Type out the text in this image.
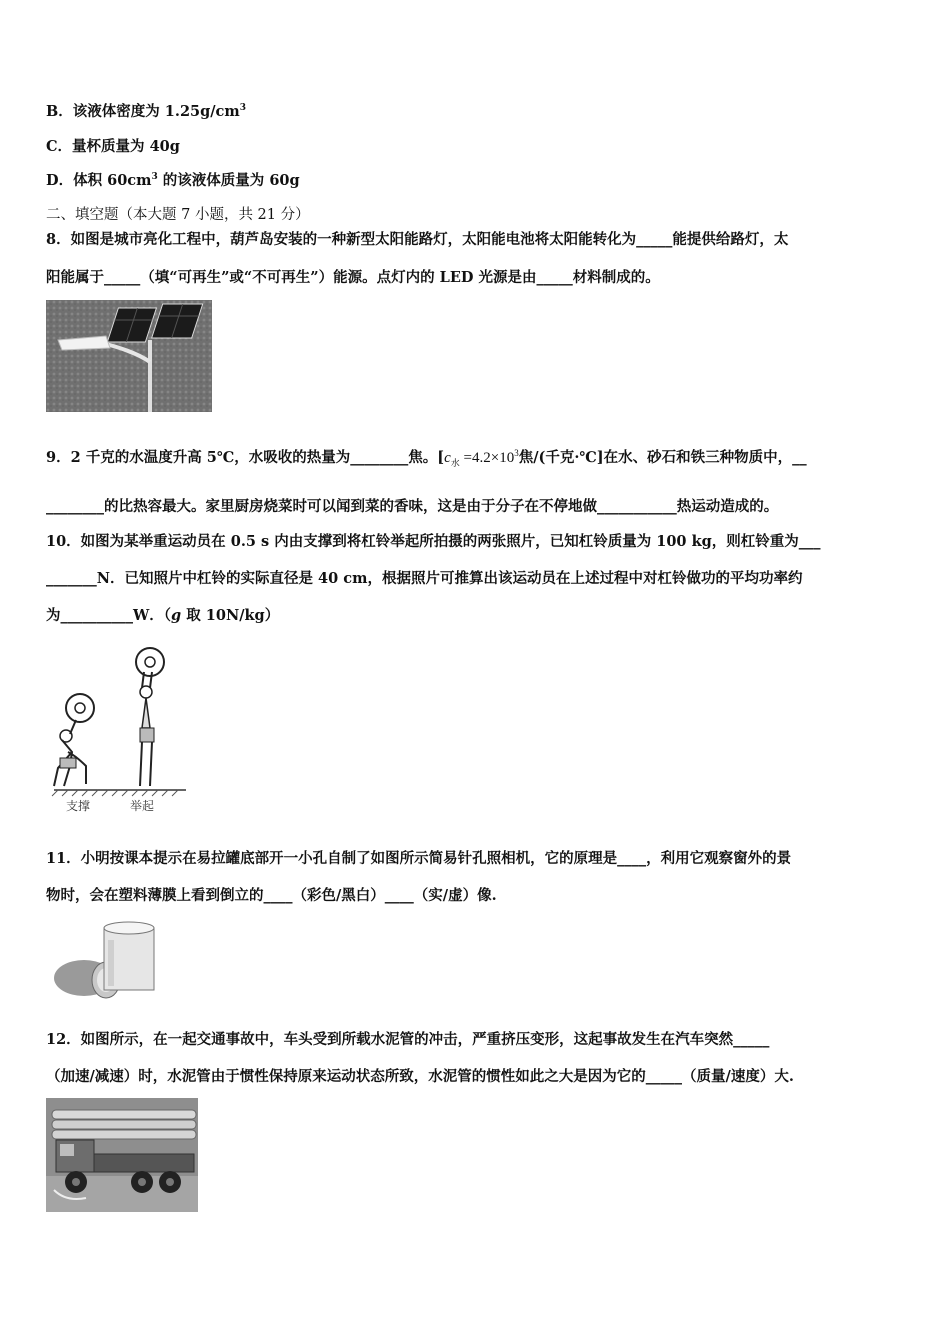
B．该液体密度为 $1.25g/cm^3$
C．量杯质量为 40g
D．体积 $60cm^3$ 的该液体质量为 60g
二、填空题（本大题 7 小题，共 21 分）
8．如图是城市亮化工程中，葫芦岛安装的一种新型太阳能路灯，太阳能电池将太阳能转化为_____能提供给路灯，太
阳能属于_____（填“可再生”或“不可再生”）能源。点灯内的 LED 光源是由_____材料制成的。
9．2 千克的水温度升高 5℃，水吸收的热量为________焦。[$c_水 =4.2\times 10^3$焦/(千克·℃]在水、砂石和铁三种物质中，__
________的比热容最大。家里厨房烧菜时可以闻到菜的香味，这是由于分子在不停地做___________热运动造成的。
10．如图为某举重运动员在 0.5 s 内由支撑到将杠铃举起所拍摄的两张照片，已知杠铃质量为 100 kg，则杠铃重为___
_______N．已知照片中杠铃的实际直径是 40 cm，根据照片可推算出该运动员在上述过程中对杠铃做功的平均功率约
为__________W．（g 取 10N/kg）
支撑	举起
11．小明按课本提示在易拉罐底部开一小孔自制了如图所示简易针孔照相机，它的原理是____，利用它观察窗外的景
物时，会在塑料薄膜上看到倒立的____（彩色/黑白）____（实/虚）像.
12．如图所示，在一起交通事故中，车头受到所载水泥管的冲击，严重挤压变形，这起事故发生在汽车突然_____
（加速/减速）时，水泥管由于惯性保持原来运动状态所致，水泥管的惯性如此之大是因为它的_____（质量/速度）大.
